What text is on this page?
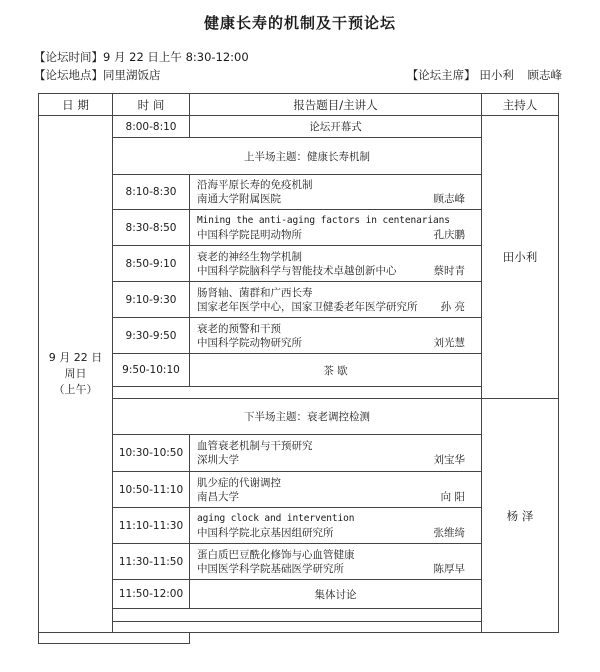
健康长寿的机制及干预论坛
【论坛时间】9 月 22 日上午 8:30-12:00
【论坛地点】同里湖饭店	【论坛主席】 田小利 顾志峰
日 期	时 间	报告题目/主讲人	主持人

9 月 22 日
周日
（上午）	8:00-8:10	论坛开幕式	田小利
	上半场主题：健康长寿机制		
	8:10-8:30	沿海平原长寿的免疫机制
南通大学附属医院 顾志峰	

	8:30-8:50	Mining the anti-aging factors in centenarians
中国科学院昆明动物所 孔庆鹏	

	8:50-9:10	衰老的神经生物学机制
中国科学院脑科学与智能技术卓越创新中心 蔡时青	

	9:10-9:30	肠肾轴、菌群和广西长寿
国家老年医学中心，国家卫健委老年医学研究所 孙 亮	

	9:30-9:50	衰老的预警和干预
中国科学院动物研究所 刘光慧	

	9:50-10:10	茶 歇	

	下半场主题：衰老调控检测		杨 泽
	10:30-10:50	血管衰老机制与干预研究
深圳大学 刘宝华	

	10:50-11:10	肌少症的代谢调控
南昌大学 向 阳	

	11:10-11:30	aging clock and intervention
中国科学院北京基因组研究所 张维绮	

	11:30-11:50	蛋白质巴豆酰化修饰与心血管健康
中国医学科学院基础医学研究所 陈厚早	

	11:50-12:00	集体讨论	
